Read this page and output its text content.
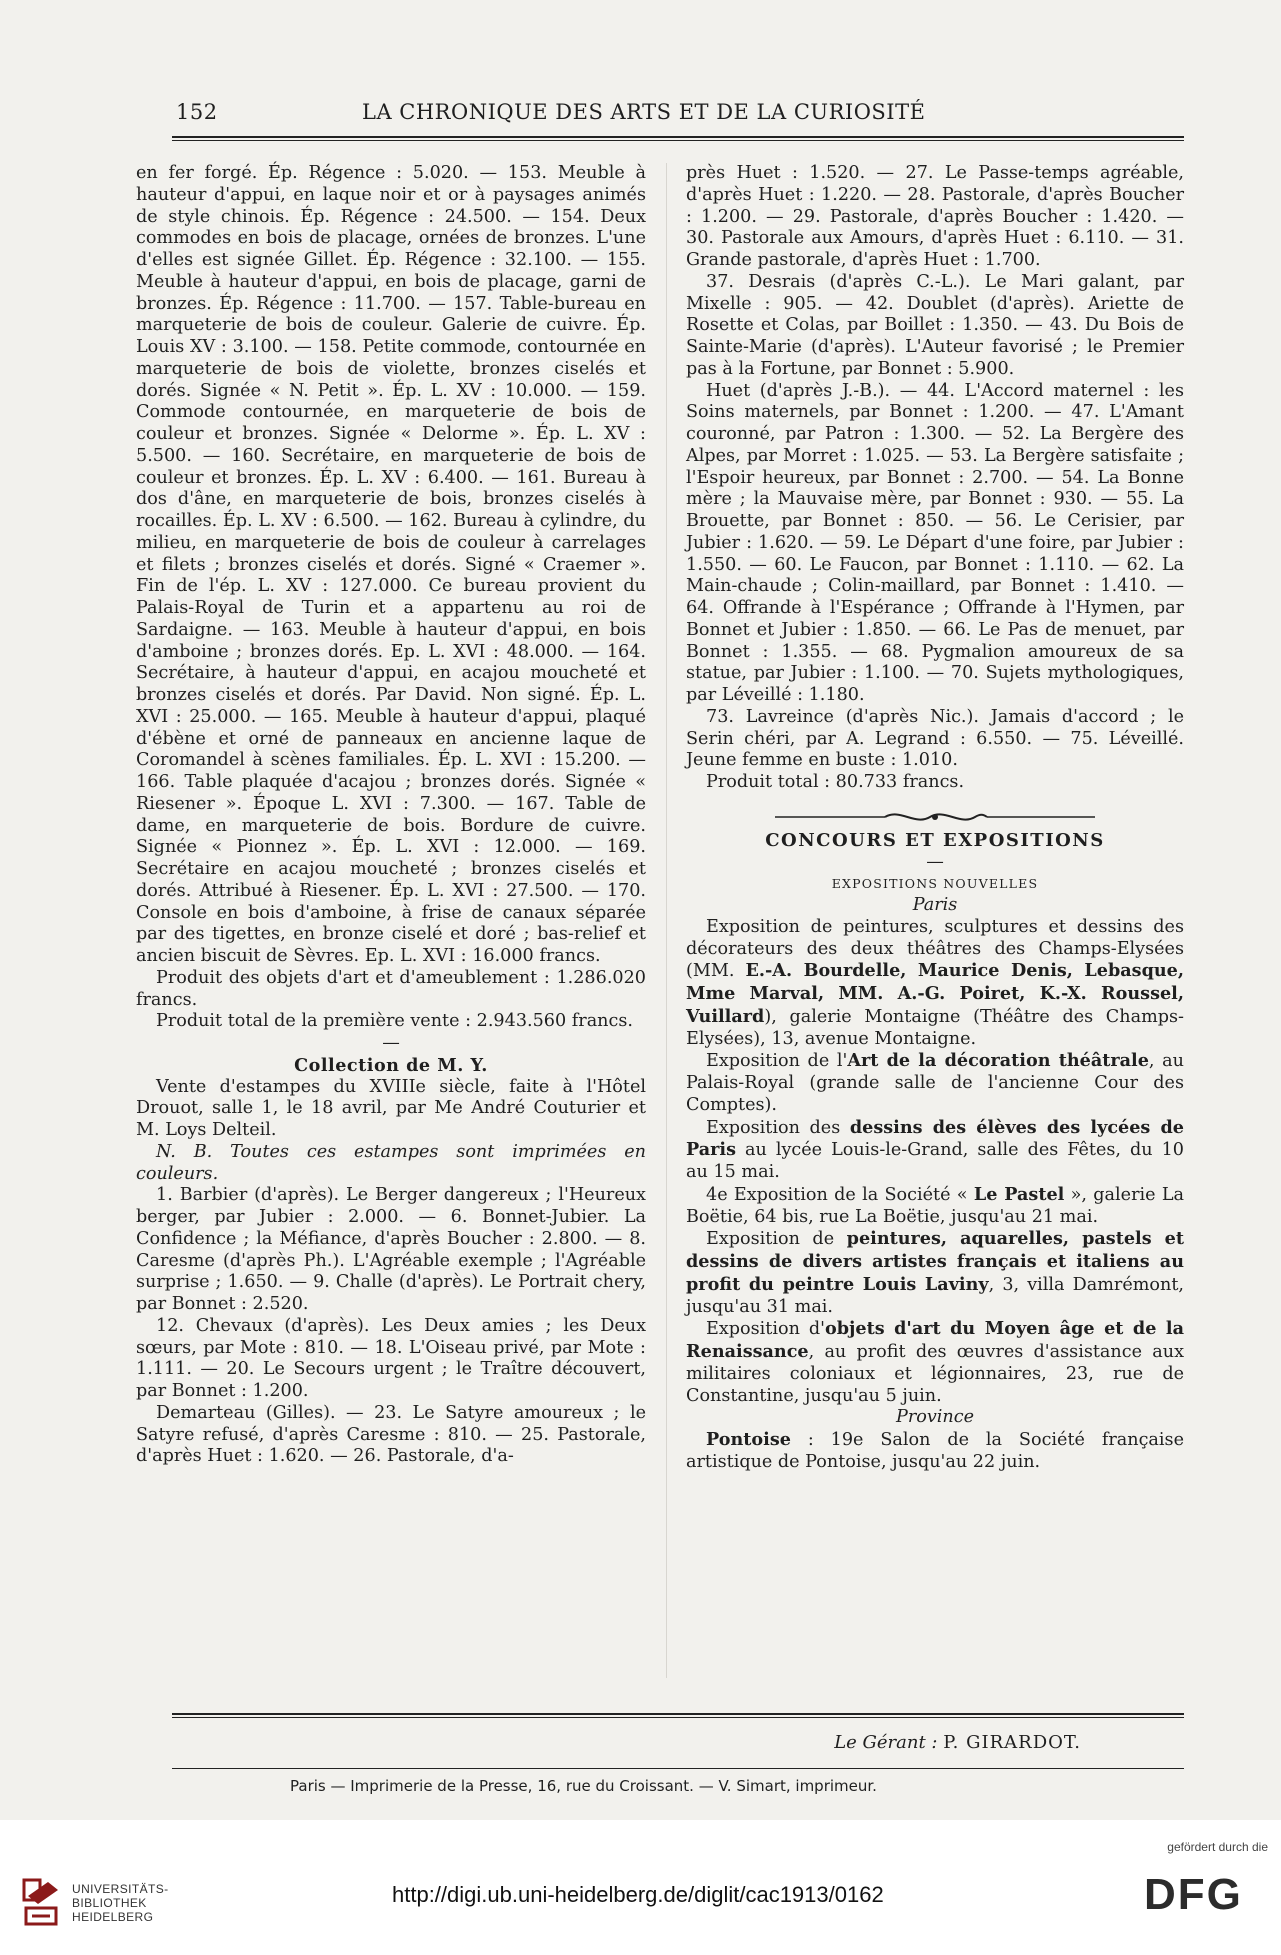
152	LA CHRONIQUE DES ARTS ET DE LA CURIOSITÉ

en fer forgé. Ép. Régence : 5.020. — 153. Meuble à hauteur d'appui, en laque noir et or à paysages animés de style chinois. Ép. Régence : 24.500. — 154. Deux commodes en bois de placage, ornées de bronzes. L'une d'elles est signée Gillet. Ép. Régence : 32.100. — 155. Meuble à hauteur d'appui, en bois de placage, garni de bronzes. Ép. Régence : 11.700. — 157. Table-bureau en marqueterie de bois de couleur. Galerie de cuivre. Ép. Louis XV : 3.100. — 158. Petite commode, contournée en marqueterie de bois de violette, bronzes ciselés et dorés. Signée « N. Petit ». Ép. L. XV : 10.000. — 159. Commode contournée, en marqueterie de bois de couleur et bronzes. Signée « Delorme ». Ép. L. XV : 5.500. — 160. Secrétaire, en marqueterie de bois de couleur et bronzes. Ép. L. XV : 6.400. — 161. Bureau à dos d'âne, en marqueterie de bois, bronzes ciselés à rocailles. Ép. L. XV : 6.500. — 162. Bureau à cylindre, du milieu, en marqueterie de bois de couleur à carrelages et filets ; bronzes ciselés et dorés. Signé « Craemer ». Fin de l'ép. L. XV : 127.000. Ce bureau provient du Palais-Royal de Turin et a appartenu au roi de Sardaigne. — 163. Meuble à hauteur d'appui, en bois d'amboine ; bronzes dorés. Ep. L. XVI : 48.000. — 164. Secrétaire, à hauteur d'appui, en acajou moucheté et bronzes ciselés et dorés. Par David. Non signé. Ép. L. XVI : 25.000. — 165. Meuble à hauteur d'appui, plaqué d'ébène et orné de panneaux en ancienne laque de Coromandel à scènes familiales. Ép. L. XVI : 15.200. — 166. Table plaquée d'acajou ; bronzes dorés. Signée « Riesener ». Époque L. XVI : 7.300. — 167. Table de dame, en marqueterie de bois. Bordure de cuivre. Signée « Pionnez ». Ép. L. XVI : 12.000. — 169. Secrétaire en acajou moucheté ; bronzes ciselés et dorés. Attribué à Riesener. Ép. L. XVI : 27.500. — 170. Console en bois d'amboine, à frise de canaux séparée par des tigettes, en bronze ciselé et doré ; bas-relief et ancien biscuit de Sèvres. Ep. L. XVI : 16.000 francs.

Produit des objets d'art et d'ameublement : 1.286.020 francs.

Produit total de la première vente : 2.943.560 francs.

—

Collection de M. Y.

Vente d'estampes du XVIIIe siècle, faite à l'Hôtel Drouot, salle 1, le 18 avril, par Me André Couturier et M. Loys Delteil.

N. B. Toutes ces estampes sont imprimées en couleurs.

1. Barbier (d'après). Le Berger dangereux ; l'Heureux berger, par Jubier : 2.000. — 6. Bonnet-Jubier. La Confidence ; la Méfiance, d'après Boucher : 2.800. — 8. Caresme (d'après Ph.). L'Agréable exemple ; l'Agréable surprise ; 1.650. — 9. Challe (d'après). Le Portrait chery, par Bonnet : 2.520.

12. Chevaux (d'après). Les Deux amies ; les Deux sœurs, par Mote : 810. — 18. L'Oiseau privé, par Mote : 1.111. — 20. Le Secours urgent ; le Traître découvert, par Bonnet : 1.200.

Demarteau (Gilles). — 23. Le Satyre amoureux ; le Satyre refusé, d'après Caresme : 810. — 25. Pastorale, d'après Huet : 1.620. — 26. Pastorale, d'a-

près Huet : 1.520. — 27. Le Passe-temps agréable, d'après Huet : 1.220. — 28. Pastorale, d'après Boucher : 1.200. — 29. Pastorale, d'après Boucher : 1.420. — 30. Pastorale aux Amours, d'après Huet : 6.110. — 31. Grande pastorale, d'après Huet : 1.700.

37. Desrais (d'après C.-L.). Le Mari galant, par Mixelle : 905. — 42. Doublet (d'après). Ariette de Rosette et Colas, par Boillet : 1.350. — 43. Du Bois de Sainte-Marie (d'après). L'Auteur favorisé ; le Premier pas à la Fortune, par Bonnet : 5.900.

Huet (d'après J.-B.). — 44. L'Accord maternel : les Soins maternels, par Bonnet : 1.200. — 47. L'Amant couronné, par Patron : 1.300. — 52. La Bergère des Alpes, par Morret : 1.025. — 53. La Bergère satisfaite ; l'Espoir heureux, par Bonnet : 2.700. — 54. La Bonne mère ; la Mauvaise mère, par Bonnet : 930. — 55. La Brouette, par Bonnet : 850. — 56. Le Cerisier, par Jubier : 1.620. — 59. Le Départ d'une foire, par Jubier : 1.550. — 60. Le Faucon, par Bonnet : 1.110. — 62. La Main-chaude ; Colin-maillard, par Bonnet : 1.410. — 64. Offrande à l'Espérance ; Offrande à l'Hymen, par Bonnet et Jubier : 1.850. — 66. Le Pas de menuet, par Bonnet : 1.355. — 68. Pygmalion amoureux de sa statue, par Jubier : 1.100. — 70. Sujets mythologiques, par Léveillé : 1.180.

73. Lavreince (d'après Nic.). Jamais d'accord ; le Serin chéri, par A. Legrand : 6.550. — 75. Léveillé. Jeune femme en buste : 1.010.

Produit total : 80.733 francs.

CONCOURS ET EXPOSITIONS

—

EXPOSITIONS NOUVELLES

Paris

Exposition de peintures, sculptures et dessins des décorateurs des deux théâtres des Champs-Elysées (MM. E.-A. Bourdelle, Maurice Denis, Lebasque, Mme Marval, MM. A.-G. Poiret, K.-X. Roussel, Vuillard), galerie Montaigne (Théâtre des Champs-Elysées), 13, avenue Montaigne.

Exposition de l'Art de la décoration théâtrale, au Palais-Royal (grande salle de l'ancienne Cour des Comptes).

Exposition des dessins des élèves des lycées de Paris au lycée Louis-le-Grand, salle des Fêtes, du 10 au 15 mai.

4e Exposition de la Société « Le Pastel », galerie La Boëtie, 64 bis, rue La Boëtie, jusqu'au 21 mai.

Exposition de peintures, aquarelles, pastels et dessins de divers artistes français et italiens au profit du peintre Louis Laviny, 3, villa Damrémont, jusqu'au 31 mai.

Exposition d'objets d'art du Moyen âge et de la Renaissance, au profit des œuvres d'assistance aux militaires coloniaux et légionnaires, 23, rue de Constantine, jusqu'au 5 juin.

Province

Pontoise : 19e Salon de la Société française artistique de Pontoise, jusqu'au 22 juin.

Le Gérant : P. GIRARDOT.
Paris — Imprimerie de la Presse, 16, rue du Croissant. — V. Simart, imprimeur.
UNIVERSITÄTS-
BIBLIOTHEK
HEIDELBERG
http://digi.ub.uni-heidelberg.de/diglit/cac1913/0162
gefördert durch die
DFG
